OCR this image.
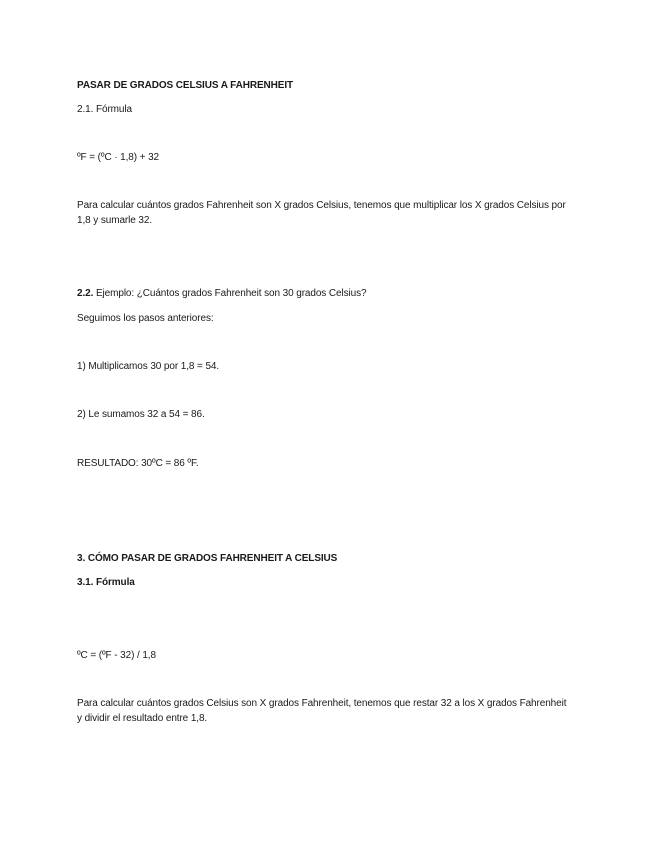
PASAR DE GRADOS CELSIUS A FAHRENHEIT
2.1. Fórmula
ºF = (ºC · 1,8) + 32
Para calcular cuántos grados Fahrenheit son X grados Celsius, tenemos que multiplicar los X grados Celsius por 1,8 y sumarle 32.
2.2. Ejemplo: ¿Cuántos grados Fahrenheit son 30 grados Celsius?
Seguimos los pasos anteriores:
1) Multiplicamos 30 por 1,8 = 54.
2) Le sumamos 32 a 54 = 86.
RESULTADO: 30ºC = 86 ºF.
3. CÓMO PASAR DE GRADOS FAHRENHEIT A CELSIUS
3.1. Fórmula
ºC = (ºF - 32) / 1,8
Para calcular cuántos grados Celsius son X grados Fahrenheit, tenemos que restar 32 a los X grados Fahrenheit y dividir el resultado entre 1,8.
